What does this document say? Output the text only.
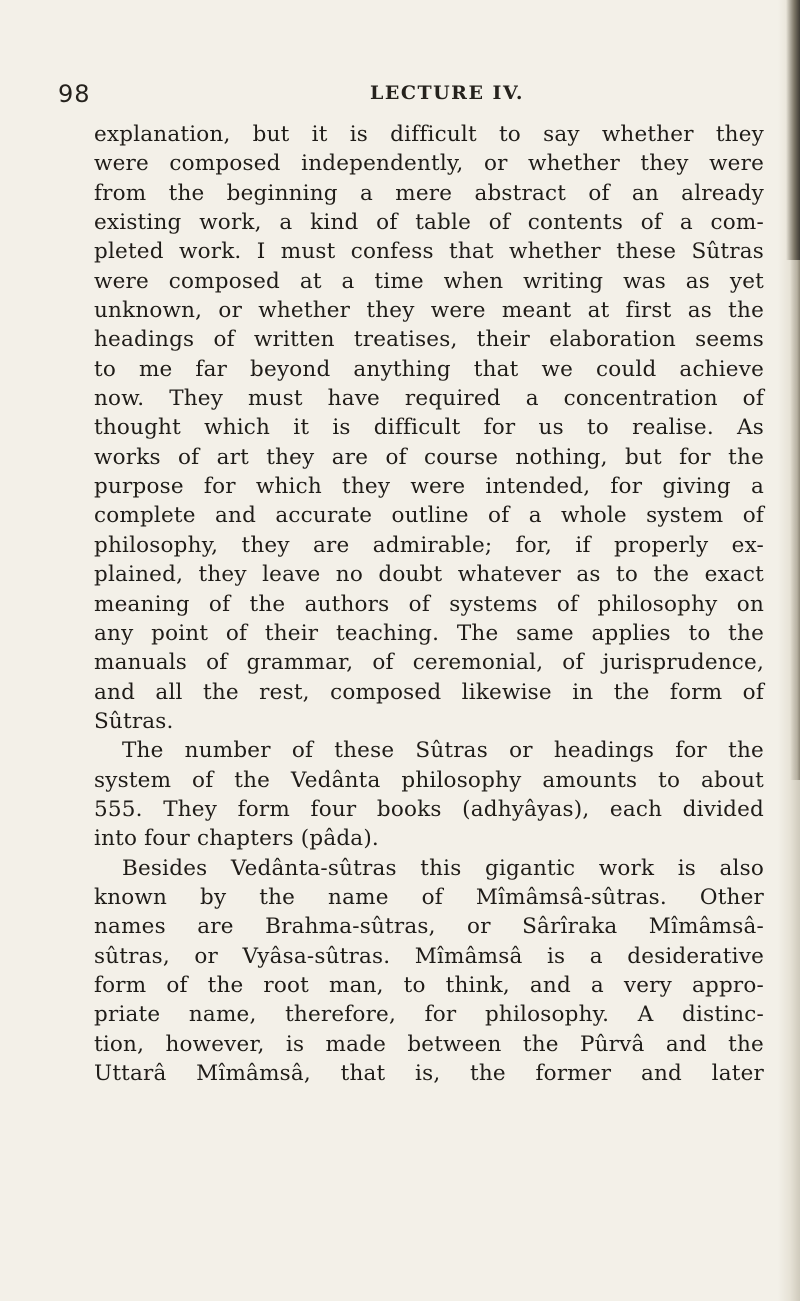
98	LECTURE IV.
explanation, but it is difficult to say whether they
were composed independently, or whether they were
from the beginning a mere abstract of an already
existing work, a kind of table of contents of a com-
pleted work. I must confess that whether these Sûtras
were composed at a time when writing was as yet
unknown, or whether they were meant at first as the
headings of written treatises, their elaboration seems
to me far beyond anything that we could achieve
now. They must have required a concentration of
thought which it is difficult for us to realise. As
works of art they are of course nothing, but for the
purpose for which they were intended, for giving a
complete and accurate outline of a whole system of
philosophy, they are admirable; for, if properly ex-
plained, they leave no doubt whatever as to the exact
meaning of the authors of systems of philosophy on
any point of their teaching. The same applies to the
manuals of grammar, of ceremonial, of jurisprudence,
and all the rest, composed likewise in the form of
Sûtras.
The number of these Sûtras or headings for the
system of the Vedânta philosophy amounts to about
555. They form four books (adhyâyas), each divided
into four chapters (pâda).
Besides Vedânta-sûtras this gigantic work is also
known by the name of Mîmâmsâ-sûtras. Other
names are Brahma-sûtras, or Sârîraka Mîmâmsâ-
sûtras, or Vyâsa-sûtras. Mîmâmsâ is a desiderative
form of the root man, to think, and a very appro-
priate name, therefore, for philosophy. A distinc-
tion, however, is made between the Pûrvâ and the
Uttarâ Mîmâmsâ, that is, the former and later
